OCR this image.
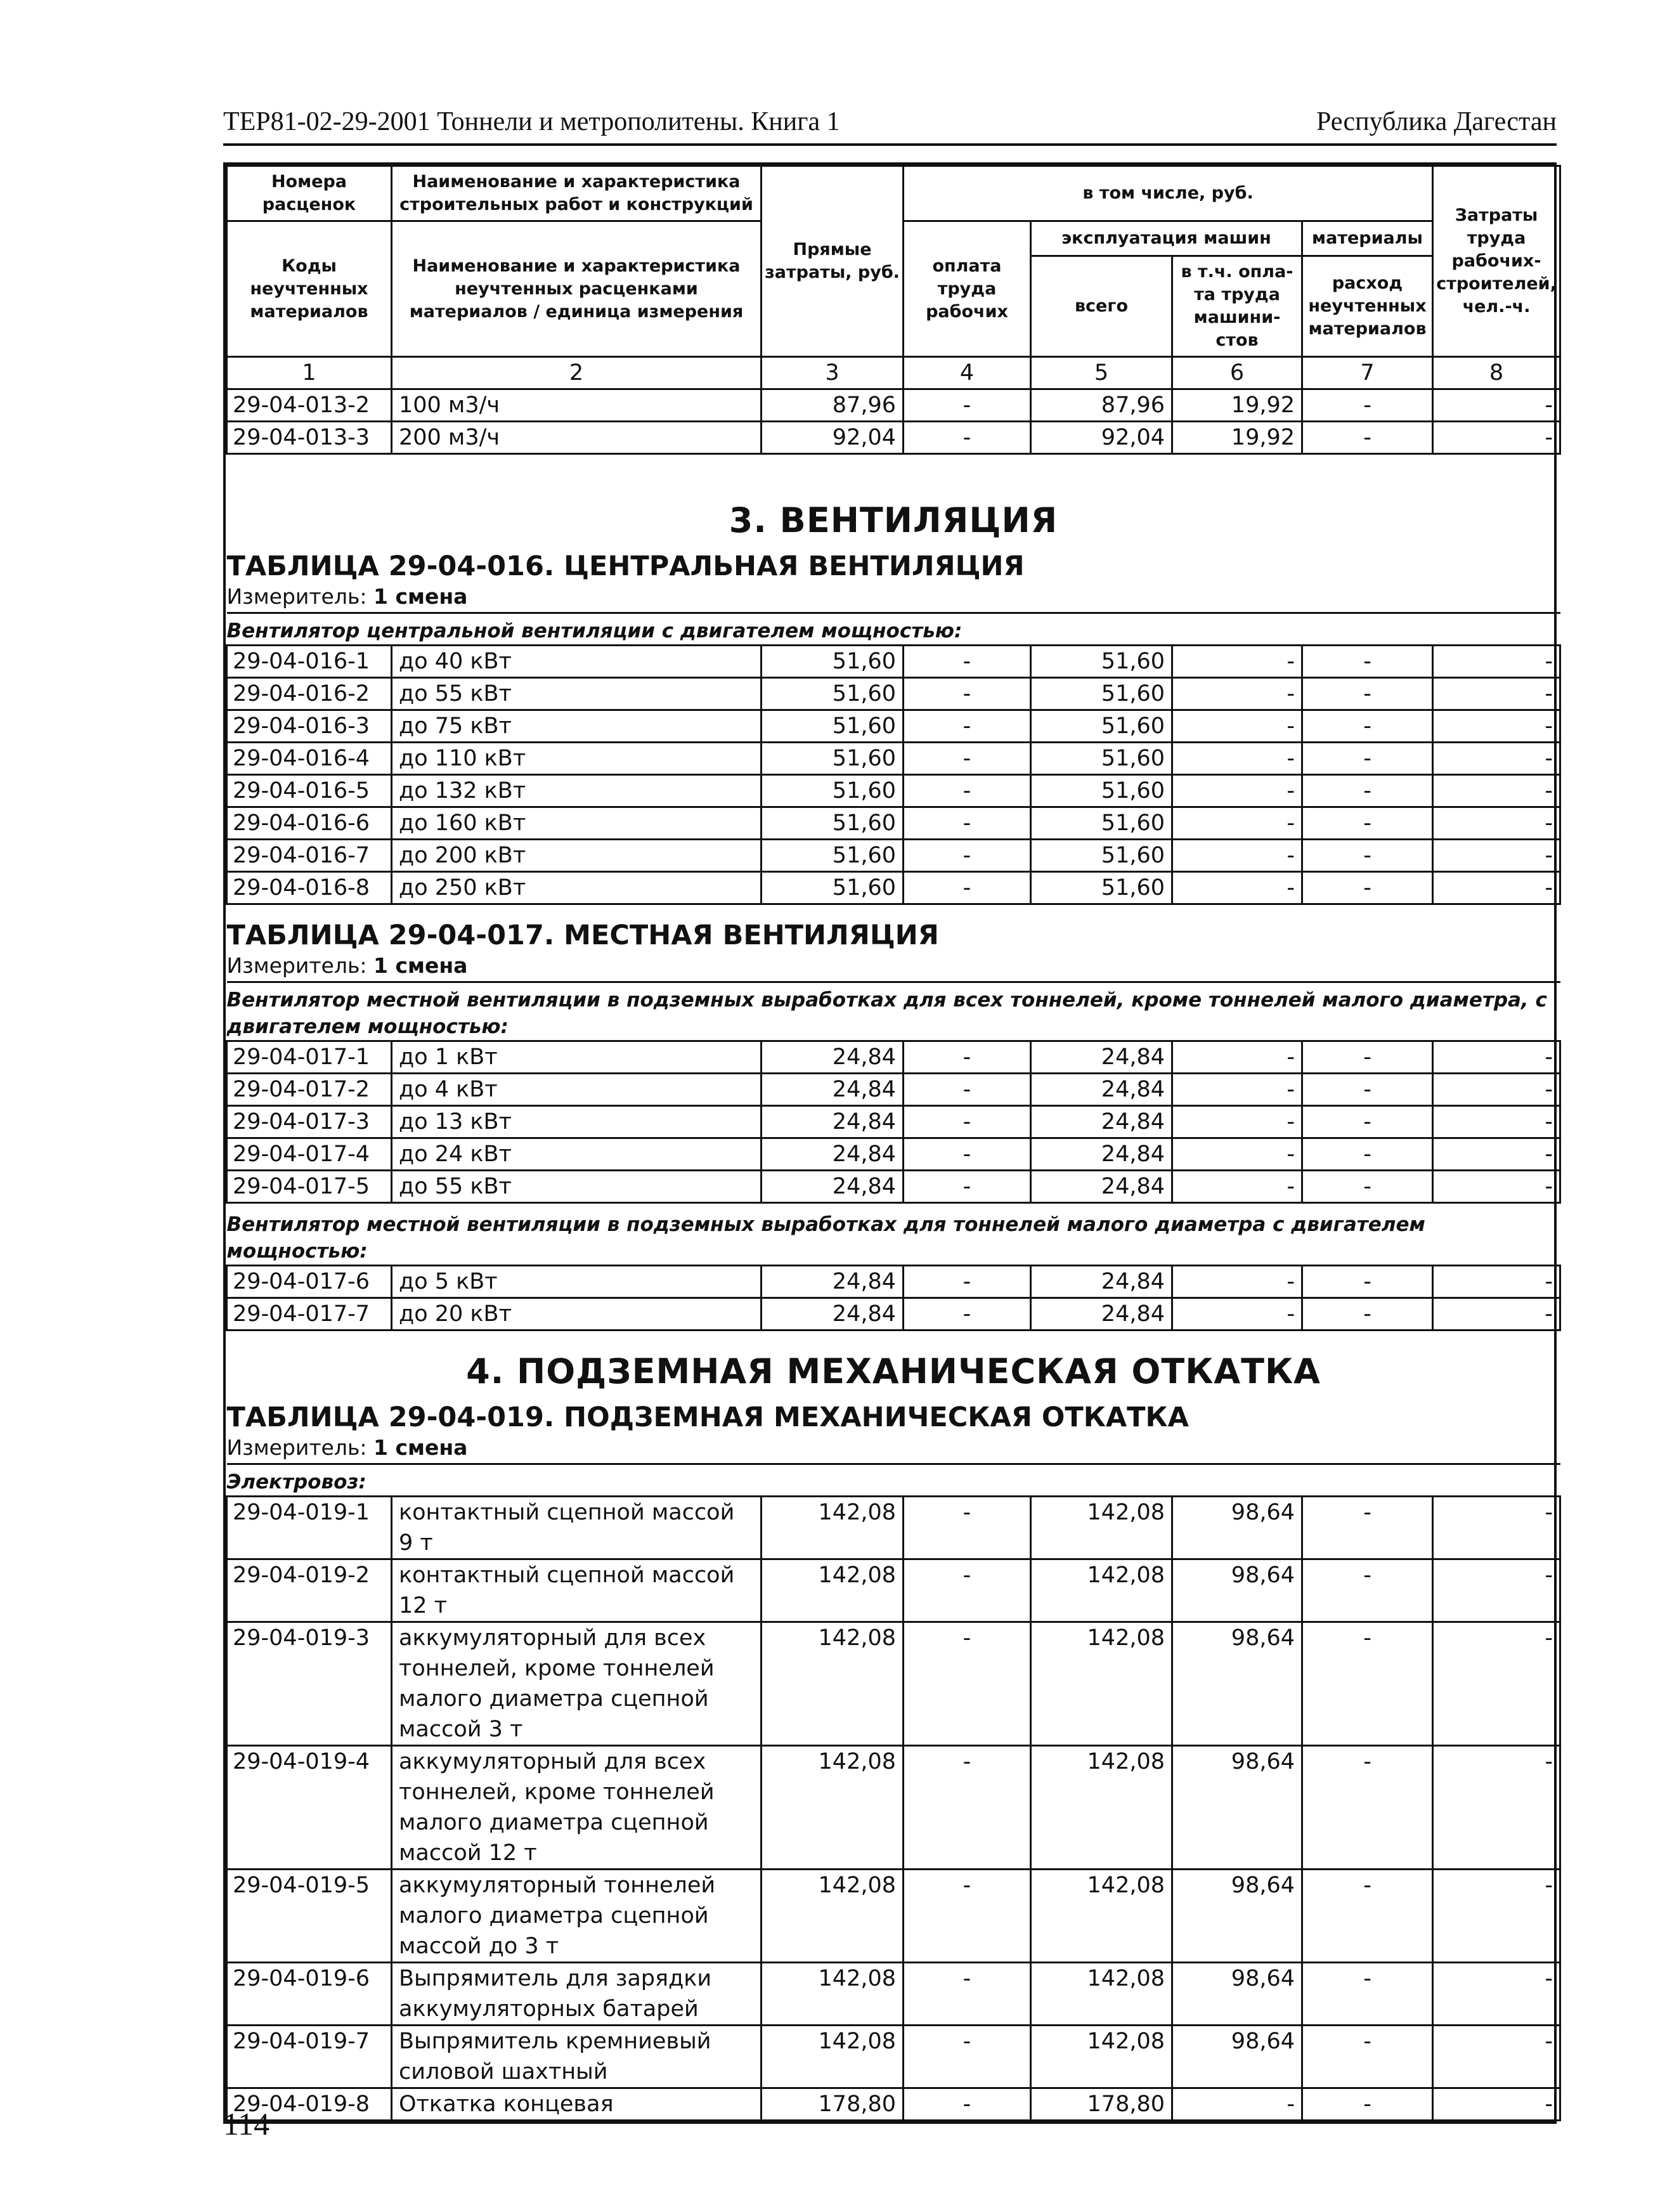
ТЕР81-02-29-2001 Тоннели и метрополитены. Книга 1	Республика Дагестан
Номера расценок	Наименование и характеристика строительных работ и конструкций	Прямые затраты, руб.	в том числе, руб.				Затраты труда рабочих-строителей, чел.-ч.
Коды неучтенных материалов	Наименование и характеристика неучтенных расценками материалов / единица измерения		оплата труда рабочих	эксплуатация машин		материалы	
				всего	в т.ч. опла-та труда машини-стов	расход неучтенных материалов	
1	2	3	4	5	6	7	8
29-04-013-2	100 м3/ч	87,96	-	87,96	19,92	-	-
29-04-013-3	200 м3/ч	92,04	-	92,04	19,92	-	-

3. ВЕНТИЛЯЦИЯ							

ТАБЛИЦА 29-04-016. ЦЕНТРАЛЬНАЯ ВЕНТИЛЯЦИЯ							
Измеритель: 1 смена							
Вентилятор центральной вентиляции с двигателем мощностью:							
29-04-016-1	до 40 кВт	51,60	-	51,60	-	-	-
29-04-016-2	до 55 кВт	51,60	-	51,60	-	-	-
29-04-016-3	до 75 кВт	51,60	-	51,60	-	-	-
29-04-016-4	до 110 кВт	51,60	-	51,60	-	-	-
29-04-016-5	до 132 кВт	51,60	-	51,60	-	-	-
29-04-016-6	до 160 кВт	51,60	-	51,60	-	-	-
29-04-016-7	до 200 кВт	51,60	-	51,60	-	-	-
29-04-016-8	до 250 кВт	51,60	-	51,60	-	-	-

ТАБЛИЦА 29-04-017. МЕСТНАЯ ВЕНТИЛЯЦИЯ							
Измеритель: 1 смена							
Вентилятор местной вентиляции в подземных выработках для всех тоннелей, кроме тоннелей малого диаметра, с двигателем мощностью:							
29-04-017-1	до 1 кВт	24,84	-	24,84	-	-	-
29-04-017-2	до 4 кВт	24,84	-	24,84	-	-	-
29-04-017-3	до 13 кВт	24,84	-	24,84	-	-	-
29-04-017-4	до 24 кВт	24,84	-	24,84	-	-	-
29-04-017-5	до 55 кВт	24,84	-	24,84	-	-	-
Вентилятор местной вентиляции в подземных выработках для тоннелей малого диаметра с двигателем мощностью:							
29-04-017-6	до 5 кВт	24,84	-	24,84	-	-	-
29-04-017-7	до 20 кВт	24,84	-	24,84	-	-	-

4. ПОДЗЕМНАЯ МЕХАНИЧЕСКАЯ ОТКАТКА							

ТАБЛИЦА 29-04-019. ПОДЗЕМНАЯ МЕХАНИЧЕСКАЯ ОТКАТКА							
Измеритель: 1 смена							
Электровоз:							
29-04-019-1	контактный сцепной массой 9 т	142,08	-	142,08	98,64	-	-
29-04-019-2	контактный сцепной массой 12 т	142,08	-	142,08	98,64	-	-
29-04-019-3	аккумуляторный для всех тоннелей, кроме тоннелей малого диаметра сцепной массой 3 т	142,08	-	142,08	98,64	-	-
29-04-019-4	аккумуляторный для всех тоннелей, кроме тоннелей малого диаметра сцепной массой 12 т	142,08	-	142,08	98,64	-	-
29-04-019-5	аккумуляторный тоннелей малого диаметра сцепной массой до 3 т	142,08	-	142,08	98,64	-	-
29-04-019-6	Выпрямитель для зарядки аккумуляторных батарей	142,08	-	142,08	98,64	-	-
29-04-019-7	Выпрямитель кремниевый силовой шахтный	142,08	-	142,08	98,64	-	-
29-04-019-8	Откатка концевая	178,80	-	178,80	-	-	-
114
